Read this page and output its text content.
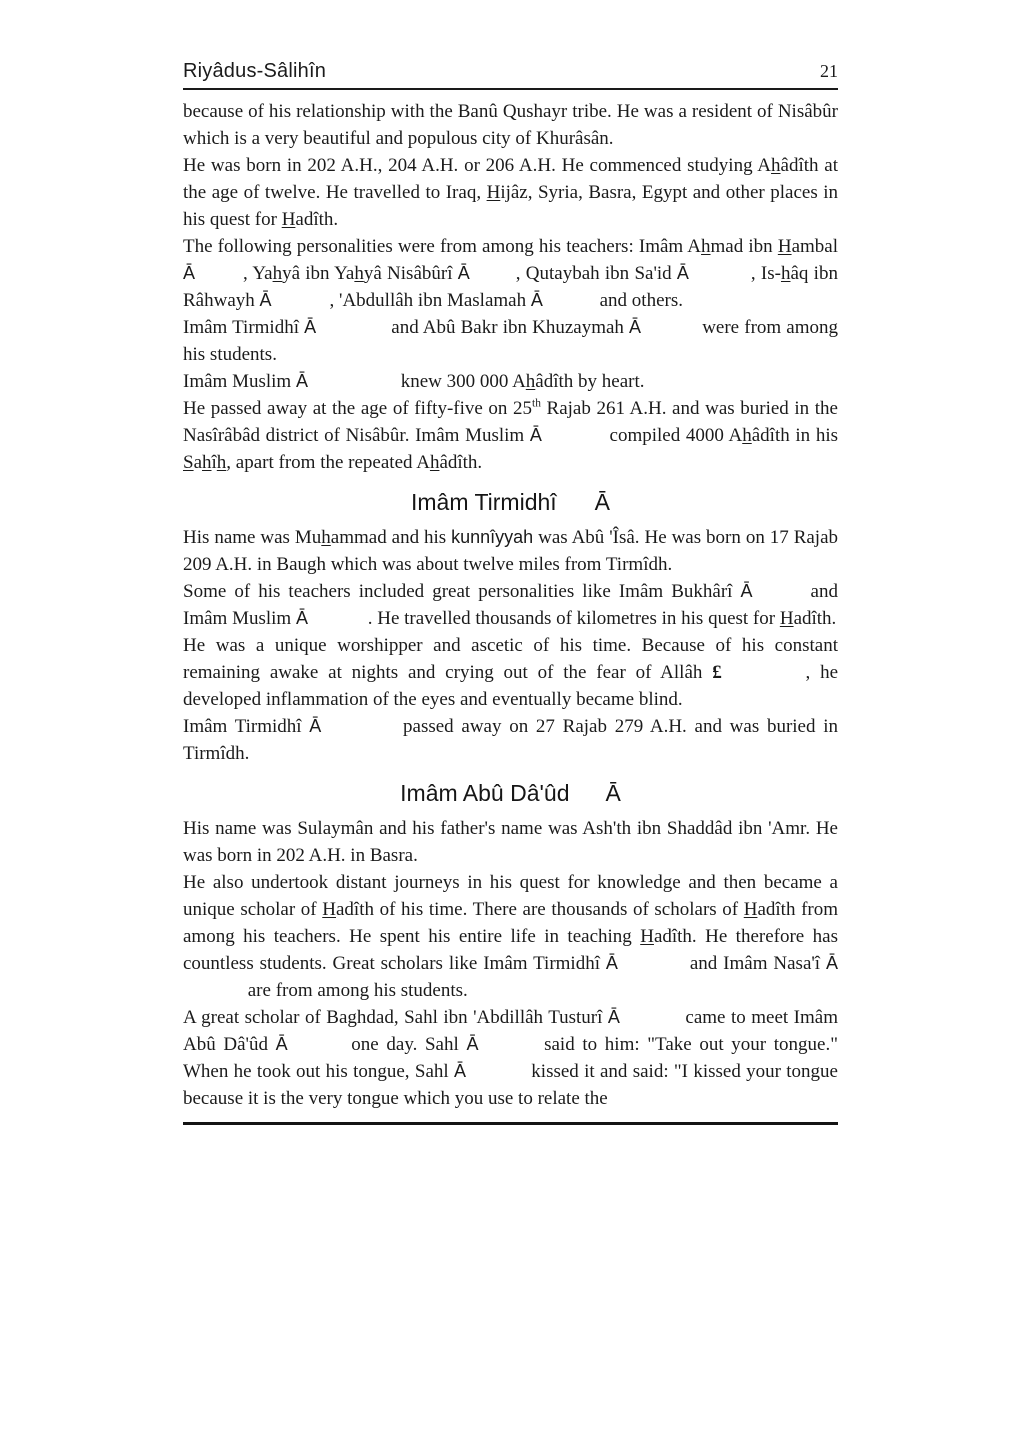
Riyâdus-Sâlihîn	21

because of his relationship with the Banû Qushayr tribe. He was a resident of Nisâbûr which is a very beautiful and populous city of Khurâsân.

He was born in 202 A.H., 204 A.H. or 206 A.H. He commenced studying Ahâdîth at the age of twelve. He travelled to Iraq, Hijâz, Syria, Basra, Egypt and other places in his quest for Hadîth.

The following personalities were from among his teachers: Imâm Ahmad ibn Hambal Ā	, Yahyâ ibn Yahyâ Nisâbûrî Ā , Qutaybah ibn Sa'id Ā	, Is-hâq ibn Râhwayh Ā	, 'Abdullâh ibn Maslamah Ā	and others.

Imâm Tirmidhî Ā	and Abû Bakr ibn Khuzaymah Ā	were from among his students.

Imâm Muslim Ā	knew 300 000 Ahâdîth by heart.

He passed away at the age of fifty-five on 25th Rajab 261 A.H. and was buried in the Nasîrâbâd district of Nisâbûr. Imâm Muslim Ā	compiled 4000 Ahâdîth in his Sahîh, apart from the repeated Ahâdîth.

Imâm Tirmidhî Ā

His name was Muhammad and his kunnîyyah was Abû 'Îsâ. He was born on 17 Rajab 209 A.H. in Baugh which was about twelve miles from Tirmîdh.

Some of his teachers included great personalities like Imâm Bukhârî Ā	and Imâm Muslim Ā	. He travelled thousands of kilometres in his quest for Hadîth.

He was a unique worshipper and ascetic of his time. Because of his constant remaining awake at nights and crying out of the fear of Allâh £	, he developed inflammation of the eyes and eventually became blind.

Imâm Tirmidhî Ā	passed away on 27 Rajab 279 A.H. and was buried in Tirmîdh.

Imâm Abû Dâ'ûd Ā

His name was Sulaymân and his father's name was Ash'th ibn Shaddâd ibn 'Amr. He was born in 202 A.H. in Basra.

He also undertook distant journeys in his quest for knowledge and then became a unique scholar of Hadîth of his time. There are thousands of scholars of Hadîth from among his teachers. He spent his entire life in teaching Hadîth. He therefore has countless students. Great scholars like Imâm Tirmidhî Ā	and Imâm Nasa'î Ā are from among his students.

A great scholar of Baghdad, Sahl ibn 'Abdillâh Tusturî Ā	came to meet Imâm Abû Dâ'ûd Ā	one day. Sahl Ā	said to him: "Take out your tongue." When he took out his tongue, Sahl Ā	kissed it and said: "I kissed your tongue because it is the very tongue which you use to relate the
